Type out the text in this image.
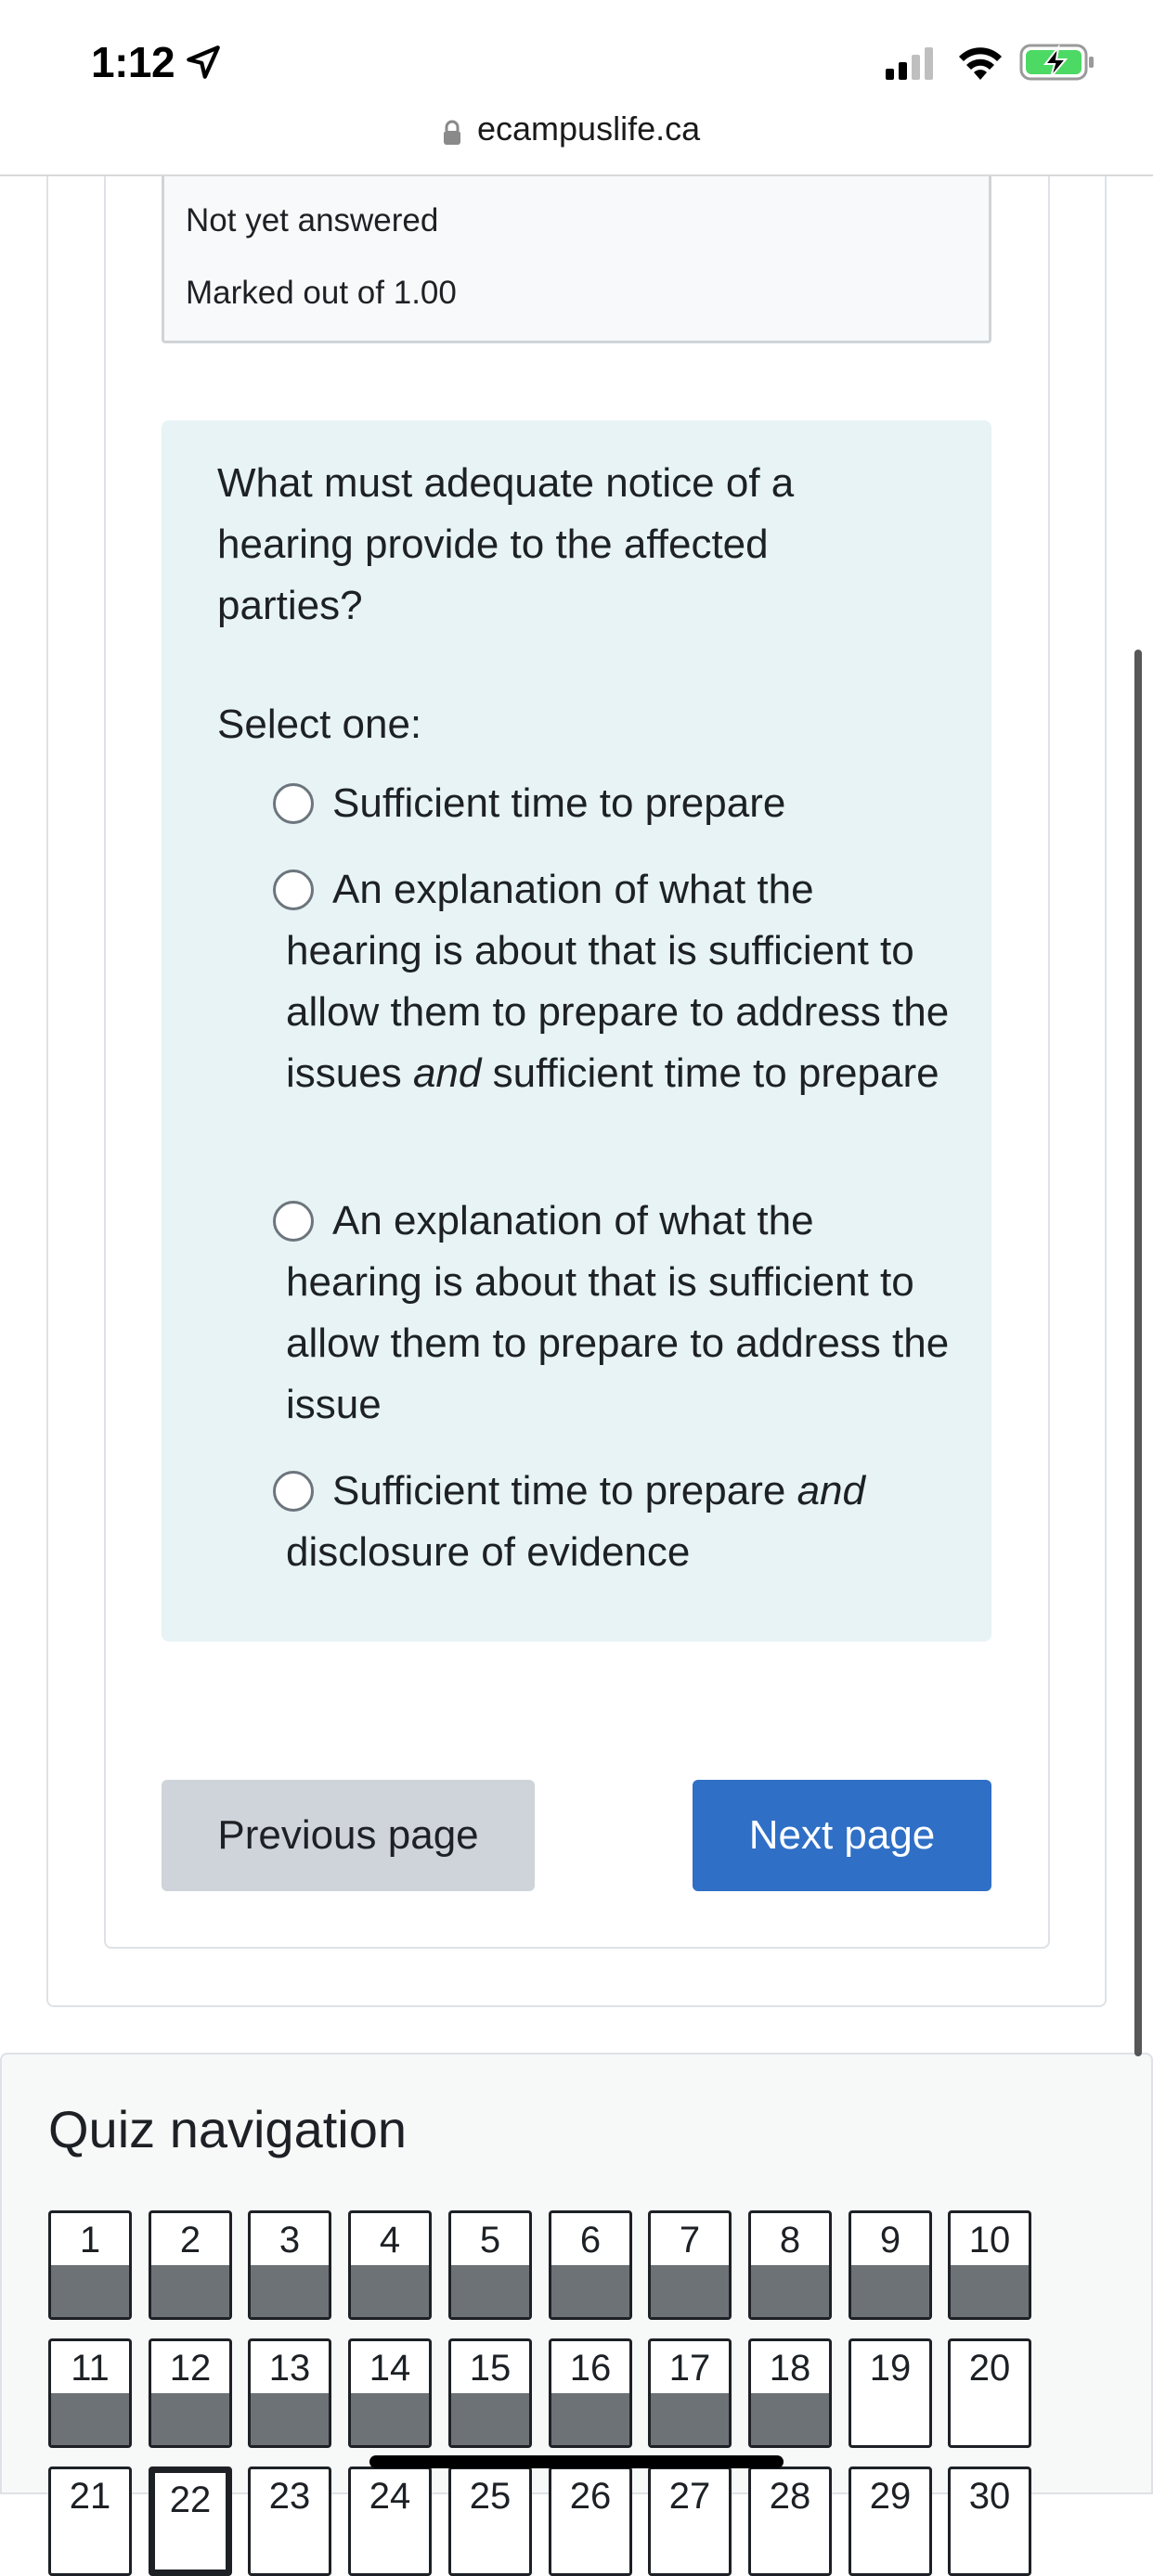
1:12
ecampuslife.ca
Not yet answered
Marked out of 1.00
What must adequate notice of a hearing provide to the affected parties?
Select one:
Sufficient time to prepare
An explanation of what the hearing is about that is sufficient to allow them to prepare to address the issues and sufficient time to prepare
An explanation of what the hearing is about that is sufficient to allow them to prepare to address the issue
Sufficient time to prepare and disclosure of evidence
Previous page	Next page
Quiz navigation
1	2	3	4	5	6	7	8	9	10
11	12	13	14	15	16	17	18	19	20
21	22	23	24	25	26	27	28	29	30
